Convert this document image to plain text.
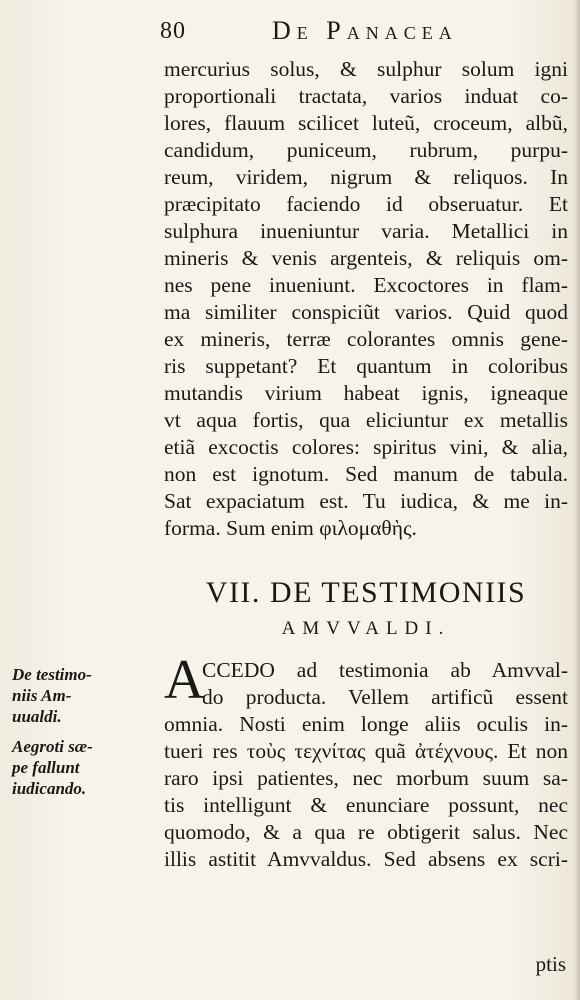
80	De Panacea
mercurius solus, & sulphur solum igni
proportionali tractata, varios induat co-
lores, flauum scilicet luteũ, croceum, albũ,
candidum, puniceum, rubrum, purpu-
reum, viridem, nigrum & reliquos. In
præcipitato faciendo id obseruatur. Et
sulphura inueniuntur varia. Metallici in
mineris & venis argenteis, & reliquis om-
nes pene inueniunt. Excoctores in flam-
ma similiter conspiciũt varios. Quid quod
ex mineris, terræ colorantes omnis gene-
ris suppetant? Et quantum in coloribus
mutandis virium habeat ignis, igneaque
vt aqua fortis, qua eliciuntur ex metallis
etiã excoctis colores: spiritus vini, & alia,
non est ignotum. Sed manum de tabula.
Sat expaciatum est. Tu iudica, & me in-
forma. Sum enim φιλομαθὴς.
VII. DE TESTIMONIIS
AMVVALDI.
A
CCEDO ad testimonia ab Amvval-
do producta. Vellem artificũ essent
omnia. Nosti enim longe aliis oculis in-
tueri res τοὺς τεχνίτας quã ἀτέχνους. Et non
raro ipsi patientes, nec morbum suum sa-
tis intelligunt & enunciare possunt, nec
quomodo, & a qua re obtigerit salus. Nec
illis astitit Amvvaldus. Sed absens ex scri-
De testimo-
niis Am-
uualdi.
Aegroti sæ-
pe fallunt
iudicando.
ptis
